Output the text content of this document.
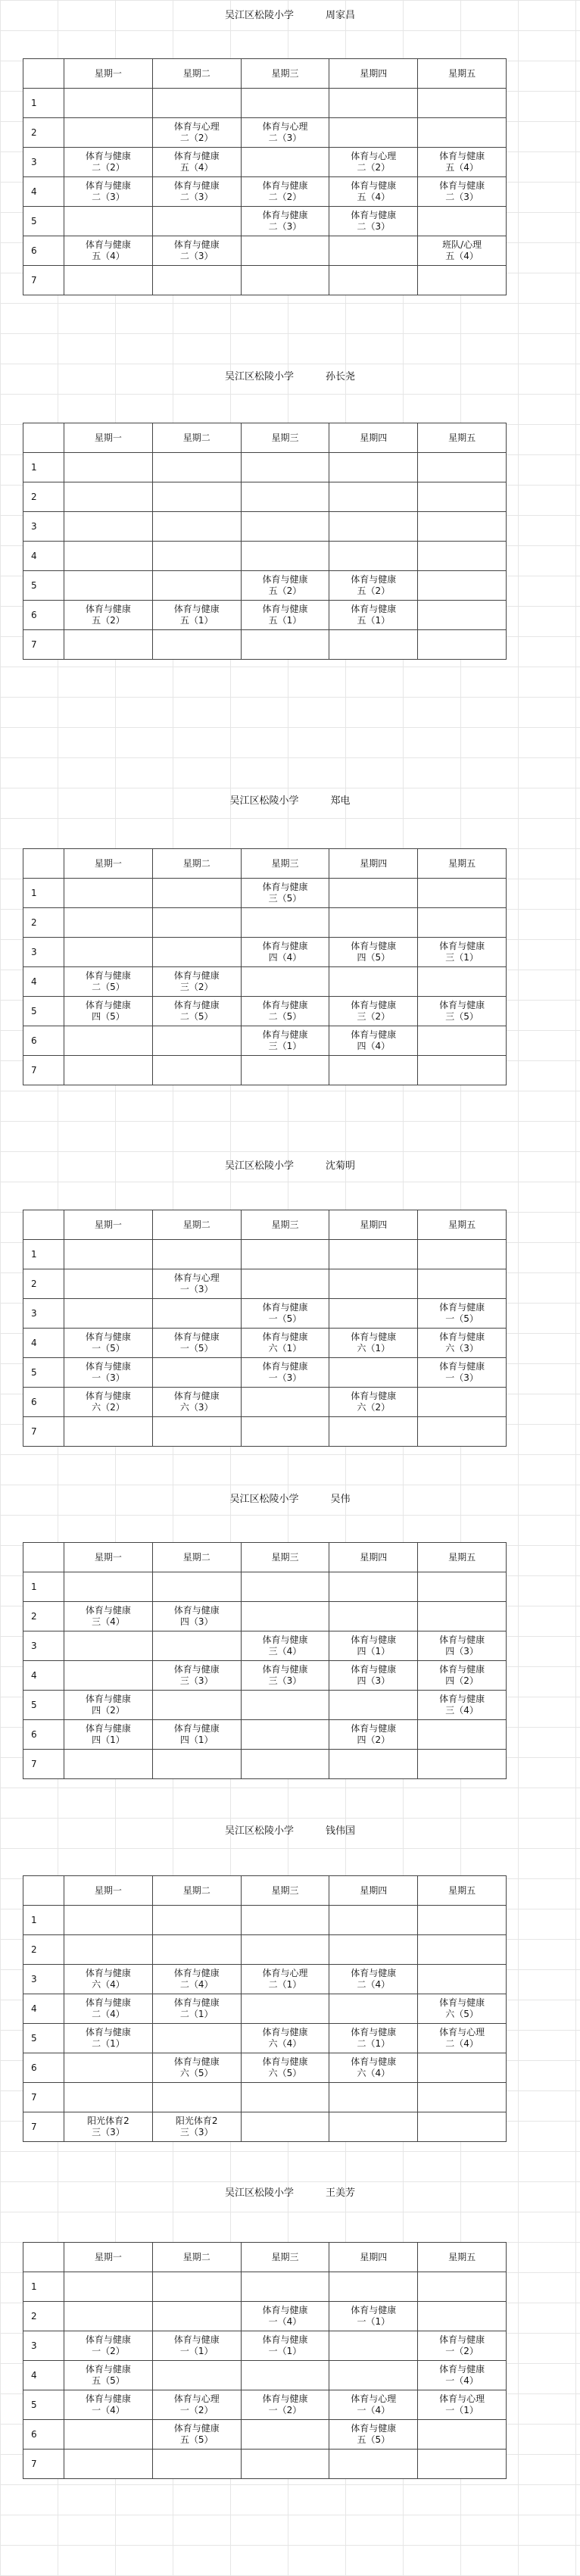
吴江区松陵小学	周家昌
	星期一	星期二	星期三	星期四	星期五
1					
2		体育与心理
二（2）	体育与心理
二（3）		

3	体育与健康
二（2）	体育与健康
五（4）		体育与心理
二（2）	体育与健康
五（4）

4	体育与健康
二（3）	体育与健康
二（3）	体育与健康
二（2）	体育与健康
五（4）	体育与健康
二（3）

5			体育与健康
二（3）	体育与健康
二（3）	

6	体育与健康
五（4）	体育与健康
二（3）			班队/心理
五（4）

7					
吴江区松陵小学	孙长尧
	星期一	星期二	星期三	星期四	星期五
1					
2					
3					
4					
5			体育与健康
五（2）	体育与健康
五（2）	

6	体育与健康
五（2）	体育与健康
五（1）	体育与健康
五（1）	体育与健康
五（1）	

7					
吴江区松陵小学	郑电
	星期一	星期二	星期三	星期四	星期五
1			体育与健康
三（5）		

2					
3			体育与健康
四（4）	体育与健康
四（5）	体育与健康
三（1）

4	体育与健康
二（5）	体育与健康
三（2）			

5	体育与健康
四（5）	体育与健康
二（5）	体育与健康
二（5）	体育与健康
三（2）	体育与健康
三（5）

6			体育与健康
三（1）	体育与健康
四（4）	

7					
吴江区松陵小学	沈菊明
	星期一	星期二	星期三	星期四	星期五
1					
2		体育与心理
一（3）			

3			体育与健康
一（5）		体育与健康
一（5）

4	体育与健康
一（5）	体育与健康
一（5）	体育与健康
六（1）	体育与健康
六（1）	体育与健康
六（3）

5	体育与健康
一（3）		体育与健康
一（3）		体育与健康
一（3）

6	体育与健康
六（2）	体育与健康
六（3）		体育与健康
六（2）	

7					
吴江区松陵小学	吴伟
	星期一	星期二	星期三	星期四	星期五
1					
2	体育与健康
三（4）	体育与健康
四（3）			

3			体育与健康
三（4）	体育与健康
四（1）	体育与健康
四（3）

4		体育与健康
三（3）	体育与健康
三（3）	体育与健康
四（3）	体育与健康
四（2）

5	体育与健康
四（2）				体育与健康
三（4）

6	体育与健康
四（1）	体育与健康
四（1）		体育与健康
四（2）	

7					
吴江区松陵小学	钱伟国
	星期一	星期二	星期三	星期四	星期五
1					
2					
3	体育与健康
六（4）	体育与健康
二（4）	体育与心理
二（1）	体育与健康
二（4）	

4	体育与健康
二（4）	体育与健康
二（1）			体育与健康
六（5）

5	体育与健康
二（1）		体育与健康
六（4）	体育与健康
二（1）	体育与心理
二（4）

6		体育与健康
六（5）	体育与健康
六（5）	体育与健康
六（4）	

7					
7	阳光体育2
三（3）	阳光体育2
三（3）			

吴江区松陵小学	王美芳
	星期一	星期二	星期三	星期四	星期五
1					
2			体育与健康
一（4）	体育与健康
一（1）	

3	体育与健康
一（2）	体育与健康
一（1）	体育与健康
一（1）		体育与健康
一（2）

4	体育与健康
五（5）				体育与健康
一（4）

5	体育与健康
一（4）	体育与心理
一（2）	体育与健康
一（2）	体育与心理
一（4）	体育与心理
一（1）

6		体育与健康
五（5）		体育与健康
五（5）	

7					
